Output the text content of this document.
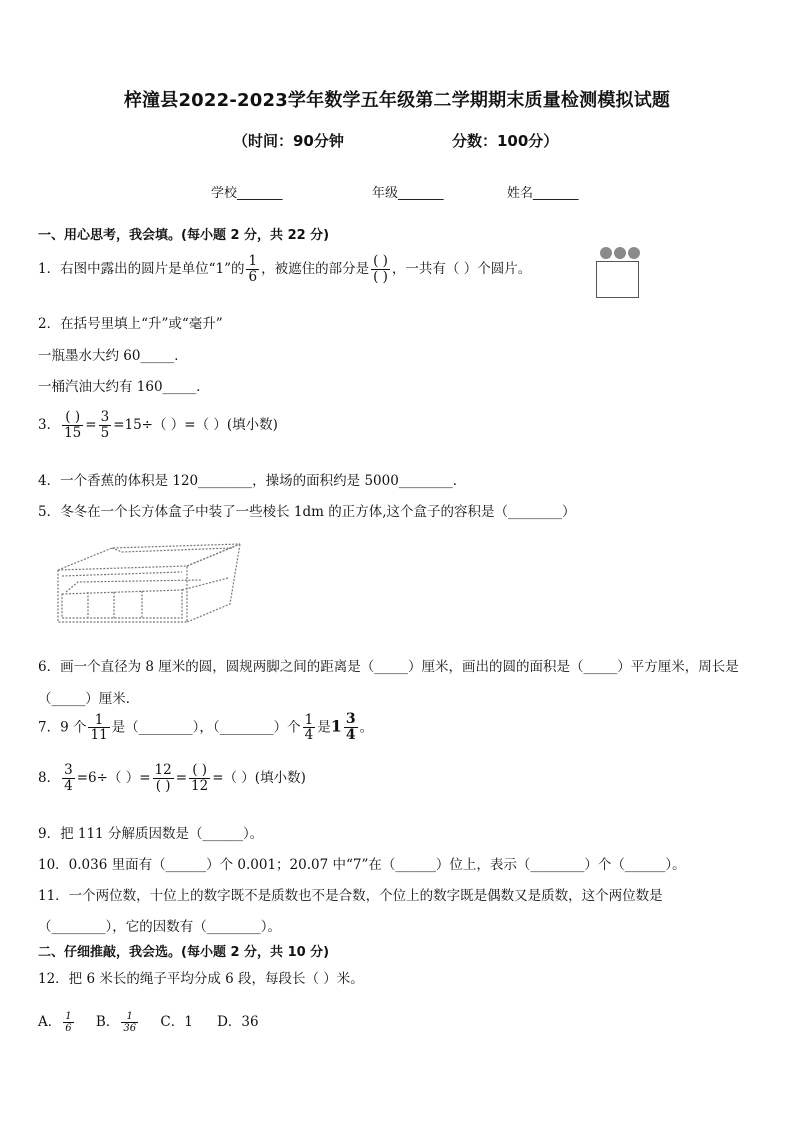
梓潼县2022-2023学年数学五年级第二学期期末质量检测模拟试题
（时间：90分钟	分数：100分）
学校_______	年级_______	姓名_______
一、用心思考，我会填。(每小题 2 分，共 22 分)
1．右图中露出的圆片是单位“1”的 $\frac{1}{6}$ ，被遮住的部分是 $\frac{( )}{( )}$ ，一共有（ ）个圆片。
2．在括号里填上“升”或“毫升”
一瓶墨水大约 60_____．
一桶汽油大约有 160_____．
3． $\frac{( )}{15} = \frac{3}{5} =15\div$（ ）=（ ）(填小数)
4．一个香蕉的体积是 120________，操场的面积约是 5000________．
5．冬冬在一个长方体盒子中装了一些棱长 1dm 的正方体,这个盒子的容积是（________）
6．画一个直径为 8 厘米的圆，圆规两脚之间的距离是（_____）厘米，画出的圆的面积是（_____）平方厘米，周长是
（_____）厘米．
7．9 个 $\frac{1}{11}$ 是（________），（________）个 $\frac{1}{4}$ 是$1 \frac{3}{4}$ 。
8． $\frac{3}{4} =6\div$（ ）= $\frac{12}{( )} = \frac{( )}{12}$ =（ ）(填小数)
9．把 111 分解质因数是（______）。
10．0.036 里面有（______）个 0.001；20.07 中“7”在（______）位上，表示（________）个（______）。
11．一个两位数，十位上的数字既不是质数也不是合数，个位上的数字既是偶数又是质数，这个两位数是
（________），它的因数有（________）。
二、仔细推敲，我会选。(每小题 2 分，共 10 分)
12．把 6 米长的绳子平均分成 6 段，每段长（ ）米。
A． $\frac{1}{6}$ B． $\frac{1}{36}$ C．1 D．36
